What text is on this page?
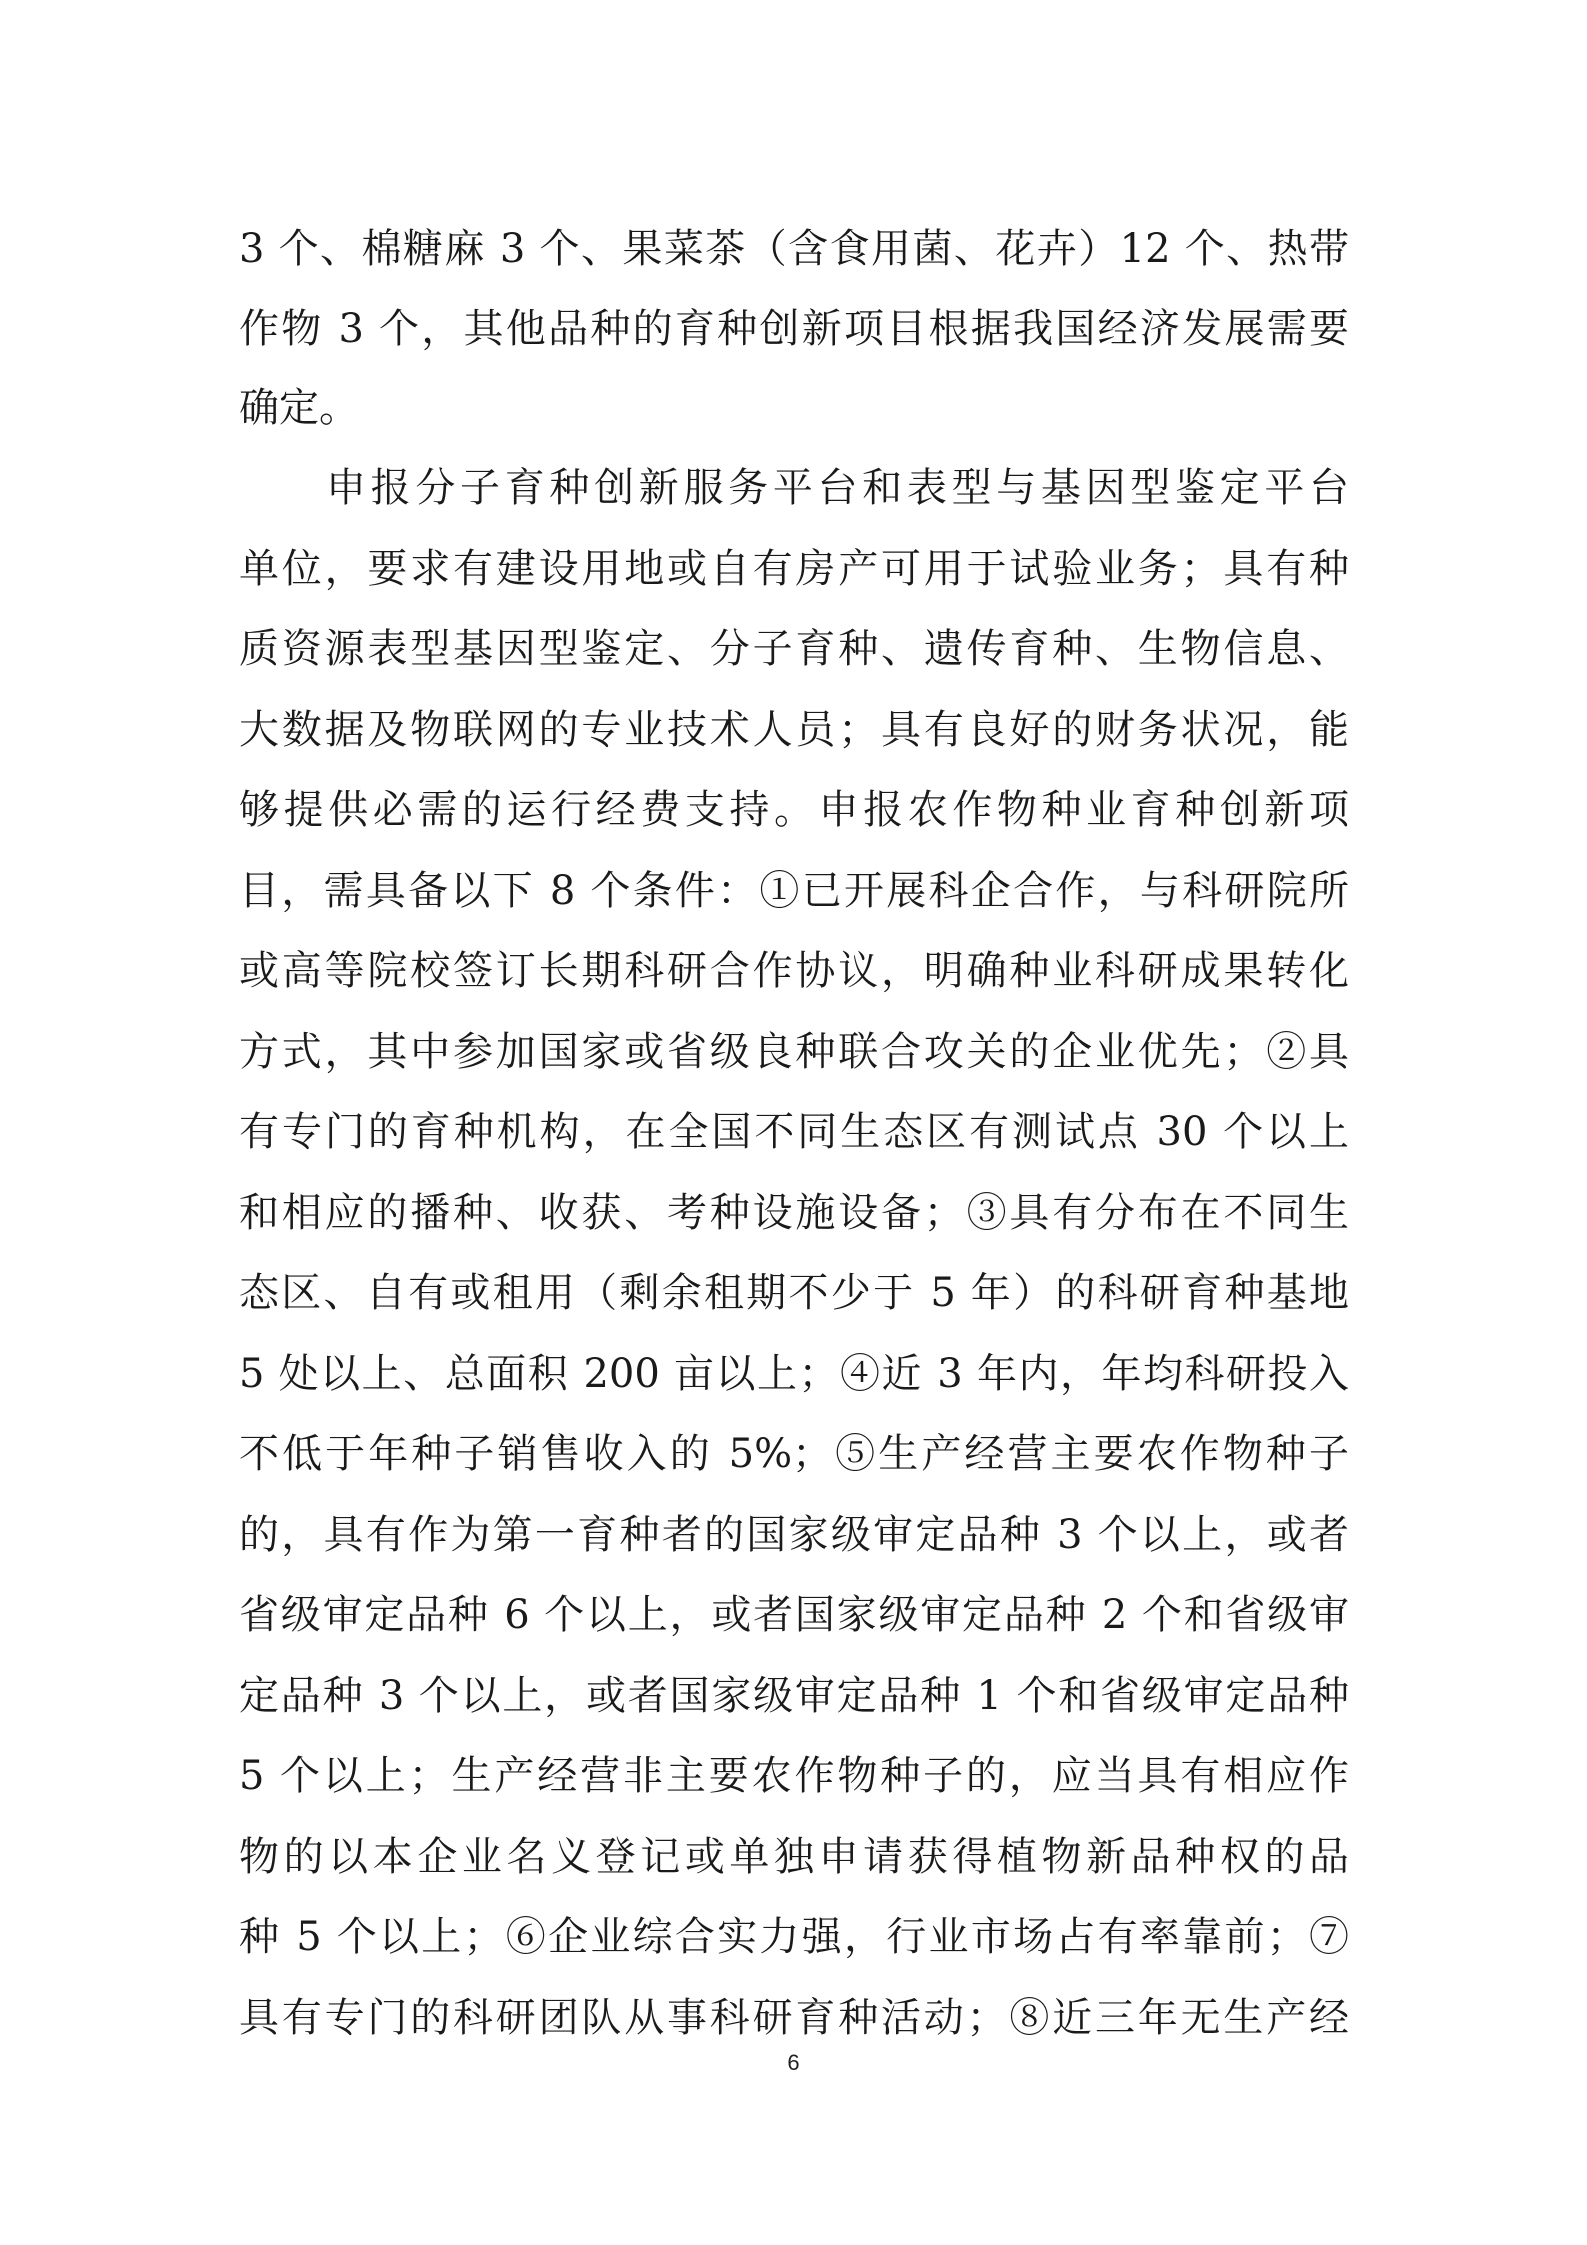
3 个、棉糖麻 3 个、果菜茶（含食用菌、花卉）12 个、热带
作物 3 个，其他品种的育种创新项目根据我国经济发展需要
确定。
申报分子育种创新服务平台和表型与基因型鉴定平台
单位，要求有建设用地或自有房产可用于试验业务；具有种
质资源表型基因型鉴定、分子育种、遗传育种、生物信息、
大数据及物联网的专业技术人员；具有良好的财务状况，能
够提供必需的运行经费支持。申报农作物种业育种创新项
目，需具备以下 8 个条件：①已开展科企合作，与科研院所
或高等院校签订长期科研合作协议，明确种业科研成果转化
方式，其中参加国家或省级良种联合攻关的企业优先；②具
有专门的育种机构，在全国不同生态区有测试点 30 个以上
和相应的播种、收获、考种设施设备；③具有分布在不同生
态区、自有或租用（剩余租期不少于 5 年）的科研育种基地
5 处以上、总面积 200 亩以上；④近 3 年内，年均科研投入
不低于年种子销售收入的 5%；⑤生产经营主要农作物种子
的，具有作为第一育种者的国家级审定品种 3 个以上，或者
省级审定品种 6 个以上，或者国家级审定品种 2 个和省级审
定品种 3 个以上，或者国家级审定品种 1 个和省级审定品种
5 个以上；生产经营非主要农作物种子的，应当具有相应作
物的以本企业名义登记或单独申请获得植物新品种权的品
种 5 个以上；⑥企业综合实力强，行业市场占有率靠前；⑦
具有专门的科研团队从事科研育种活动；⑧近三年无生产经
6
